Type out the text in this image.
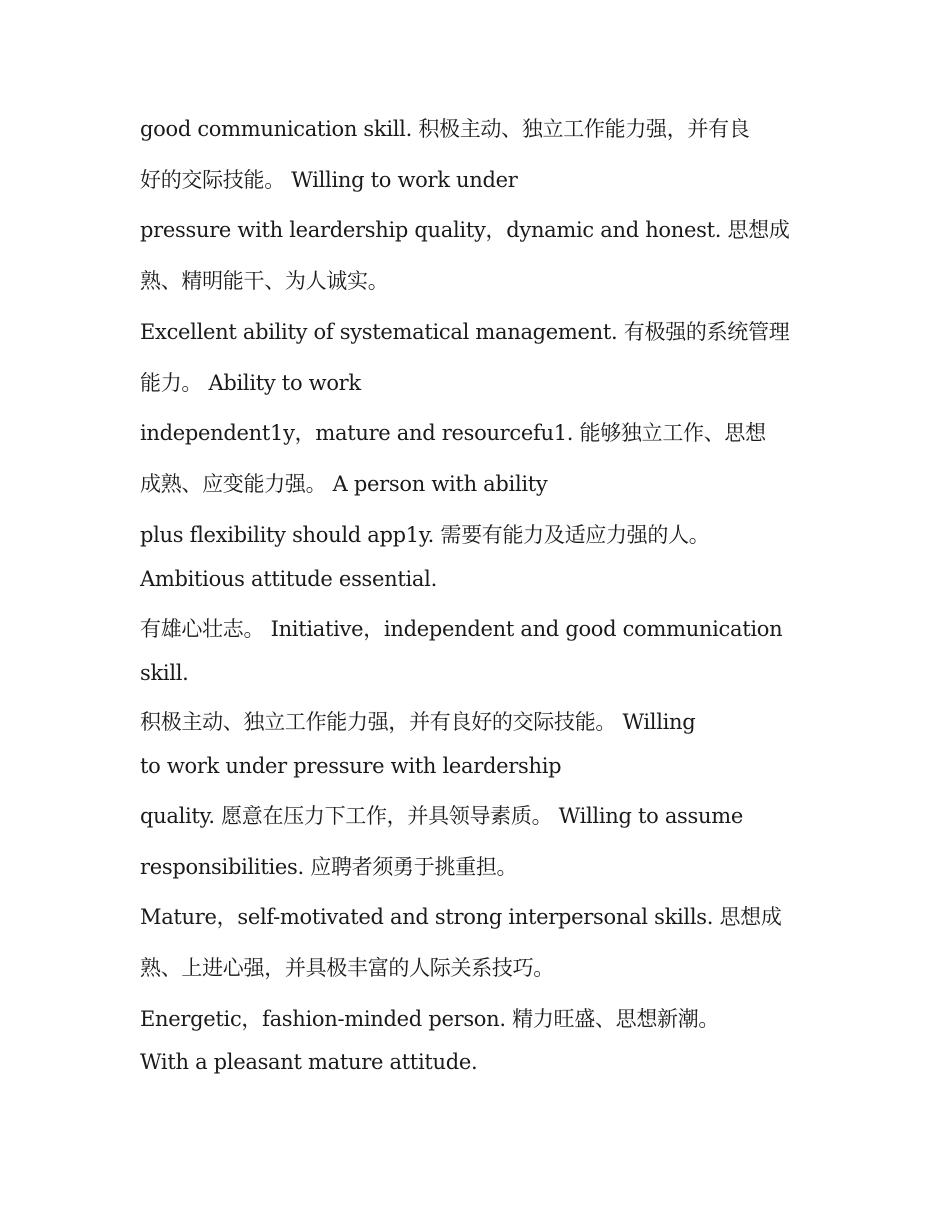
good communication skill. 积极主动、独立工作能力强，并有良

好的交际技能。 Willing to work under

pressure with leardership quality，dynamic and honest. 思想成

熟、精明能干、为人诚实。

Excellent ability of systematical management. 有极强的系统管理

能力。 Ability to work

independent1y，mature and resourcefu1. 能够独立工作、思想

成熟、应变能力强。 A person with ability

plus flexibility should app1y. 需要有能力及适应力强的人。

Ambitious attitude essential.

有雄心壮志。 Initiative，independent and good communication

skill.

积极主动、独立工作能力强，并有良好的交际技能。 Willing

to work under pressure with leardership

quality. 愿意在压力下工作，并具领导素质。 Willing to assume

responsibilities. 应聘者须勇于挑重担。

Mature，self-motivated and strong interpersonal skills. 思想成

熟、上进心强，并具极丰富的人际关系技巧。

Energetic，fashion-minded person. 精力旺盛、思想新潮。

With a pleasant mature attitude.
